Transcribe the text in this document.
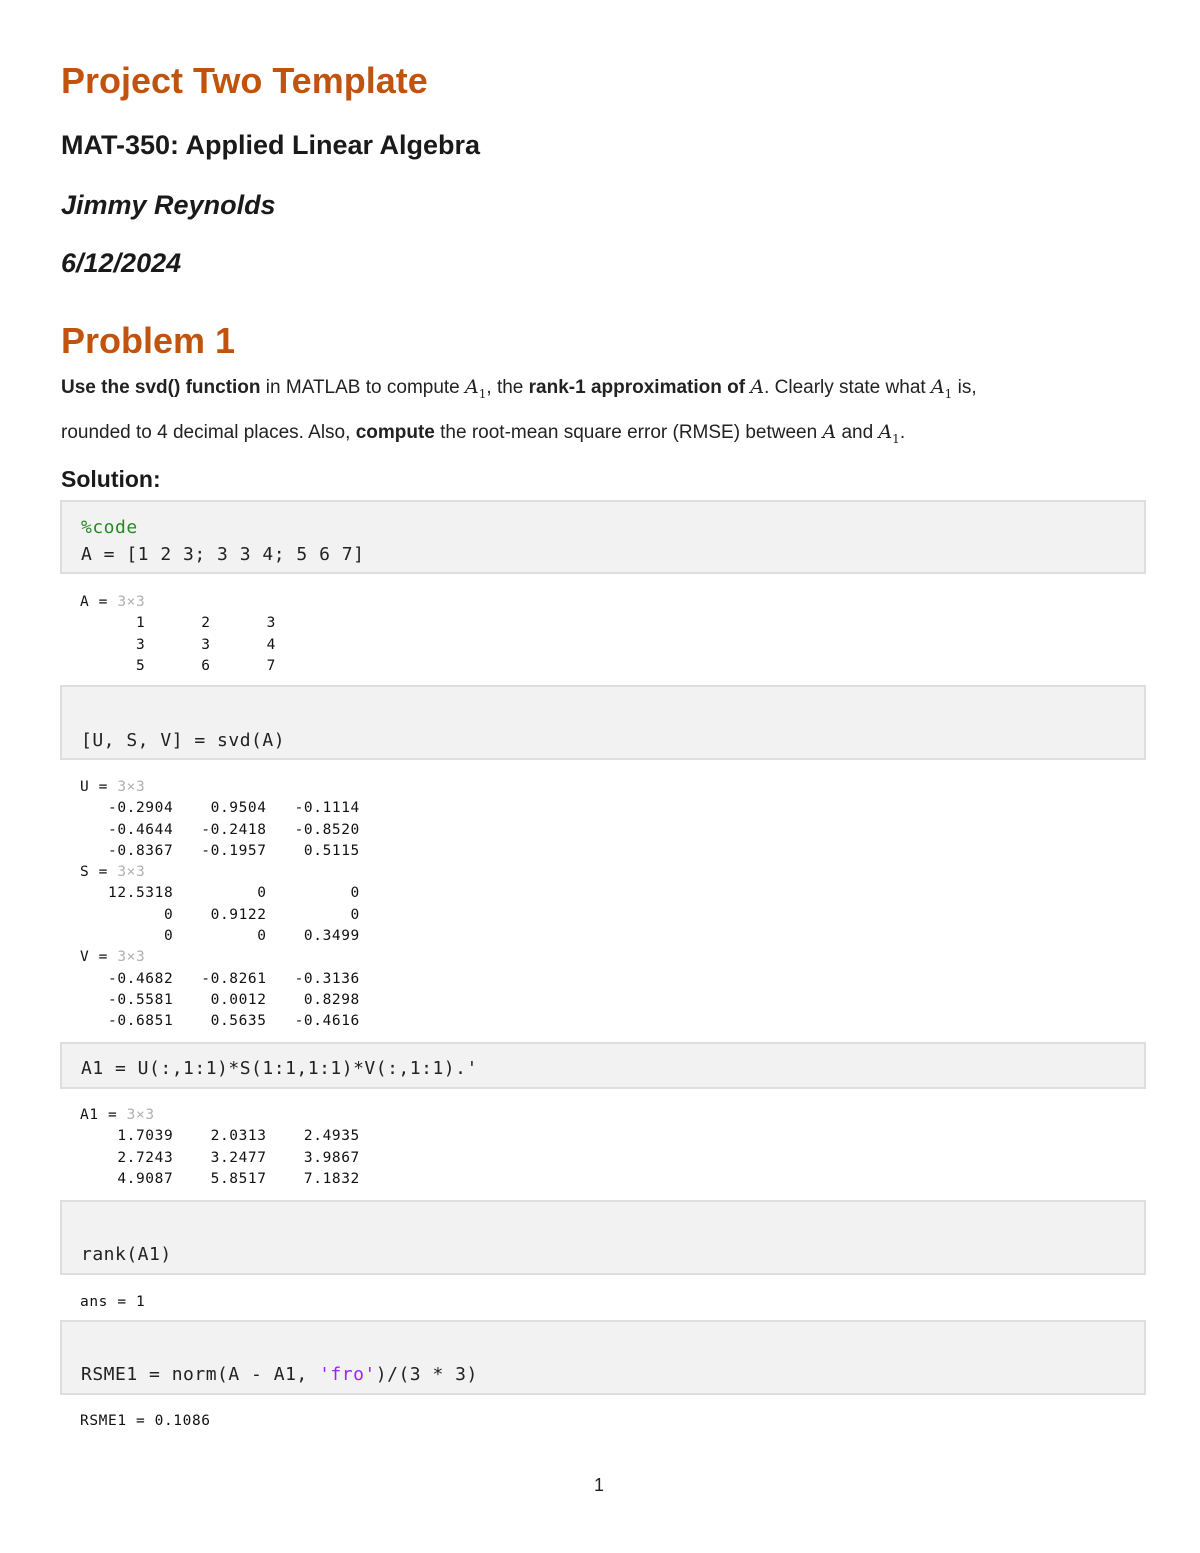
Project Two Template
MAT-350: Applied Linear Algebra
Jimmy Reynolds
6/12/2024
Problem 1
Use the svd() function in MATLAB to compute $A_1$, the rank-1 approximation of A. Clearly state what $A_1$ is,
rounded to 4 decimal places. Also, compute the root-mean square error (RMSE) between A and $A_1$.
Solution:
%code
A = [1 2 3; 3 3 4; 5 6 7]
A = 3×3
1      2      3
3      3      4
5      6      7
[U, S, V] = svd(A)
U = 3×3
-0.2904    0.9504   -0.1114
-0.4644   -0.2418   -0.8520
-0.8367   -0.1957    0.5115
S = 3×3
12.5318         0         0
0    0.9122         0
0         0    0.3499
V = 3×3
-0.4682   -0.8261   -0.3136
-0.5581    0.0012    0.8298
-0.6851    0.5635   -0.4616
A1 = U(:,1:1)*S(1:1,1:1)*V(:,1:1).'
A1 = 3×3
1.7039    2.0313    2.4935
2.7243    3.2477    3.9867
4.9087    5.8517    7.1832
rank(A1)
ans = 1
RSME1 = norm(A - A1, 'fro')/(3 * 3)
RSME1 = 0.1086
1
